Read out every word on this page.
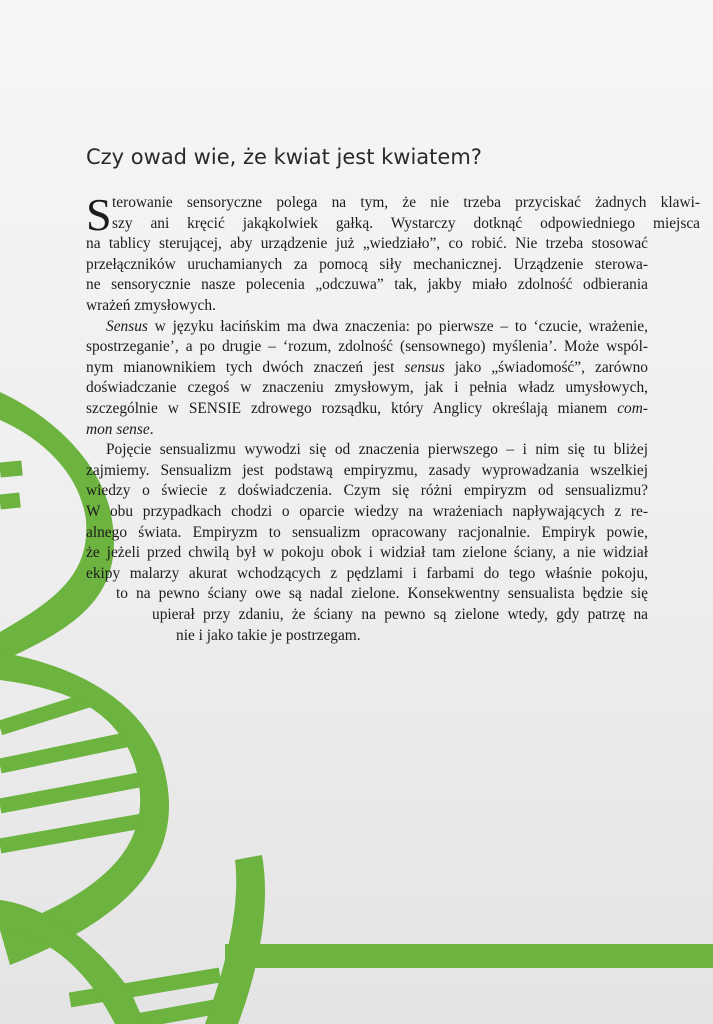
Czy owad wie, że kwiat jest kwiatem?
S terowanie sensoryczne polega na tym, że nie trzeba przyciskać żadnych klawi-
szy ani kręcić jakąkolwiek gałką. Wystarczy dotknąć odpowiedniego miejsca
na tablicy sterującej, aby urządzenie już „wiedziało”, co robić. Nie trzeba stosować
przełączników uruchamianych za pomocą siły mechanicznej. Urządzenie sterowa-
ne sensorycznie nasze polecenia „odczuwa” tak, jakby miało zdolność odbierania
wrażeń zmysłowych.
Sensus w języku łacińskim ma dwa znaczenia: po pierwsze – to ‘czucie, wrażenie,
spostrzeganie’, a po drugie – ‘rozum, zdolność (sensownego) myślenia’. Może wspól-
nym mianownikiem tych dwóch znaczeń jest sensus jako „świadomość”, zarówno
doświadczanie czegoś w znaczeniu zmysłowym, jak i pełnia władz umysłowych,
szczególnie w SENSIE zdrowego rozsądku, który Anglicy określają mianem com-
mon sense.
Pojęcie sensualizmu wywodzi się od znaczenia pierwszego – i nim się tu bliżej
zajmiemy. Sensualizm jest podstawą empiryzmu, zasady wyprowadzania wszelkiej
wiedzy o świecie z doświadczenia. Czym się różni empiryzm od sensualizmu?
W obu przypadkach chodzi o oparcie wiedzy na wrażeniach napływających z re-
alnego świata. Empiryzm to sensualizm opracowany racjonalnie. Empiryk powie,
że jeżeli przed chwilą był w pokoju obok i widział tam zielone ściany, a nie widział
ekipy malarzy akurat wchodzących z pędzlami i farbami do tego właśnie pokoju,
to na pewno ściany owe są nadal zielone. Konsekwentny sensualista będzie się
upierał przy zdaniu, że ściany na pewno są zielone wtedy, gdy patrzę na
nie i jako takie je postrzegam.
